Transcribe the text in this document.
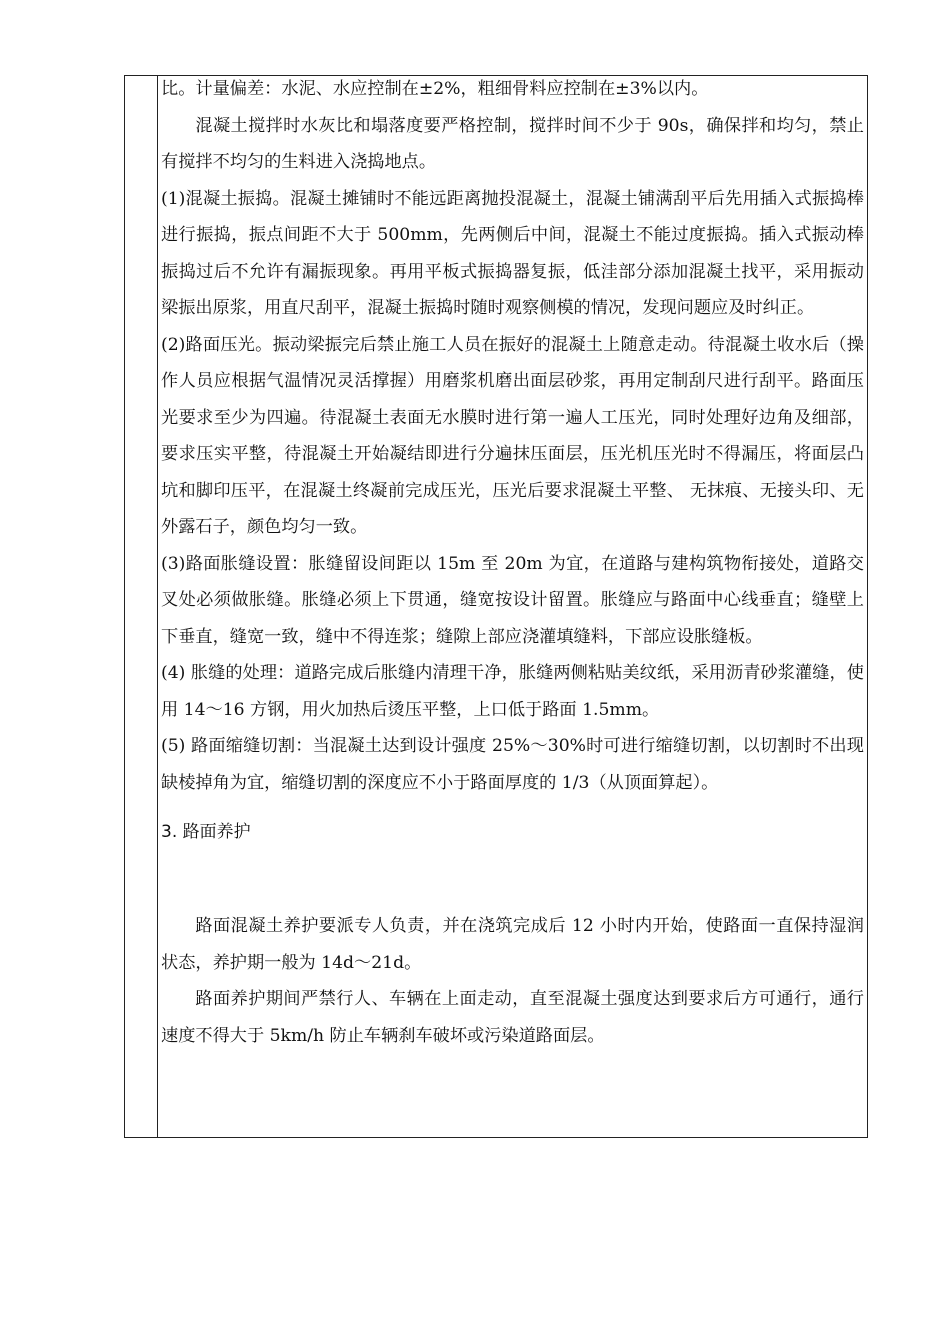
比。计量偏差：水泥、水应控制在±2%，粗细骨料应控制在±3%以内。

混凝土搅拌时水灰比和塌落度要严格控制，搅拌时间不少于 90s，确保拌和均匀，禁止有搅拌不均匀的生料进入浇捣地点。

(1)混凝土振捣。混凝土摊铺时不能远距离抛投混凝土，混凝土铺满刮平后先用插入式振捣棒进行振捣，振点间距不大于 500mm，先两侧后中间，混凝土不能过度振捣。插入式振动棒振捣过后不允许有漏振现象。再用平板式振捣器复振，低洼部分添加混凝土找平，采用振动梁振出原浆，用直尺刮平，混凝土振捣时随时观察侧模的情况，发现问题应及时纠正。

(2)路面压光。振动梁振完后禁止施工人员在振好的混凝土上随意走动。待混凝土收水后（操作人员应根据气温情况灵活撑握）用磨浆机磨出面层砂浆，再用定制刮尺进行刮平。路面压光要求至少为四遍。待混凝土表面无水膜时进行第一遍人工压光，同时处理好边角及细部，要求压实平整，待混凝土开始凝结即进行分遍抹压面层，压光机压光时不得漏压，将面层凸坑和脚印压平，在混凝土终凝前完成压光，压光后要求混凝土平整、 无抹痕、无接头印、无外露石子，颜色均匀一致。

(3)路面胀缝设置：胀缝留设间距以 15m 至 20m 为宜，在道路与建构筑物衔接处，道路交叉处必须做胀缝。胀缝必须上下贯通，缝宽按设计留置。胀缝应与路面中心线垂直；缝壁上下垂直，缝宽一致，缝中不得连浆；缝隙上部应浇灌填缝料，下部应设胀缝板。

(4) 胀缝的处理：道路完成后胀缝内清理干净，胀缝两侧粘贴美纹纸，采用沥青砂浆灌缝，使用 14～16 方钢，用火加热后烫压平整，上口低于路面 1.5mm。

(5) 路面缩缝切割：当混凝土达到设计强度 25%～30%时可进行缩缝切割，以切割时不出现缺棱掉角为宜，缩缝切割的深度应不小于路面厚度的 1/3（从顶面算起）。

3. 路面养护

路面混凝土养护要派专人负责，并在浇筑完成后 12 小时内开始，使路面一直保持湿润状态，养护期一般为 14d～21d。

路面养护期间严禁行人、车辆在上面走动，直至混凝土强度达到要求后方可通行，通行速度不得大于 5km/h 防止车辆刹车破坏或污染道路面层。
